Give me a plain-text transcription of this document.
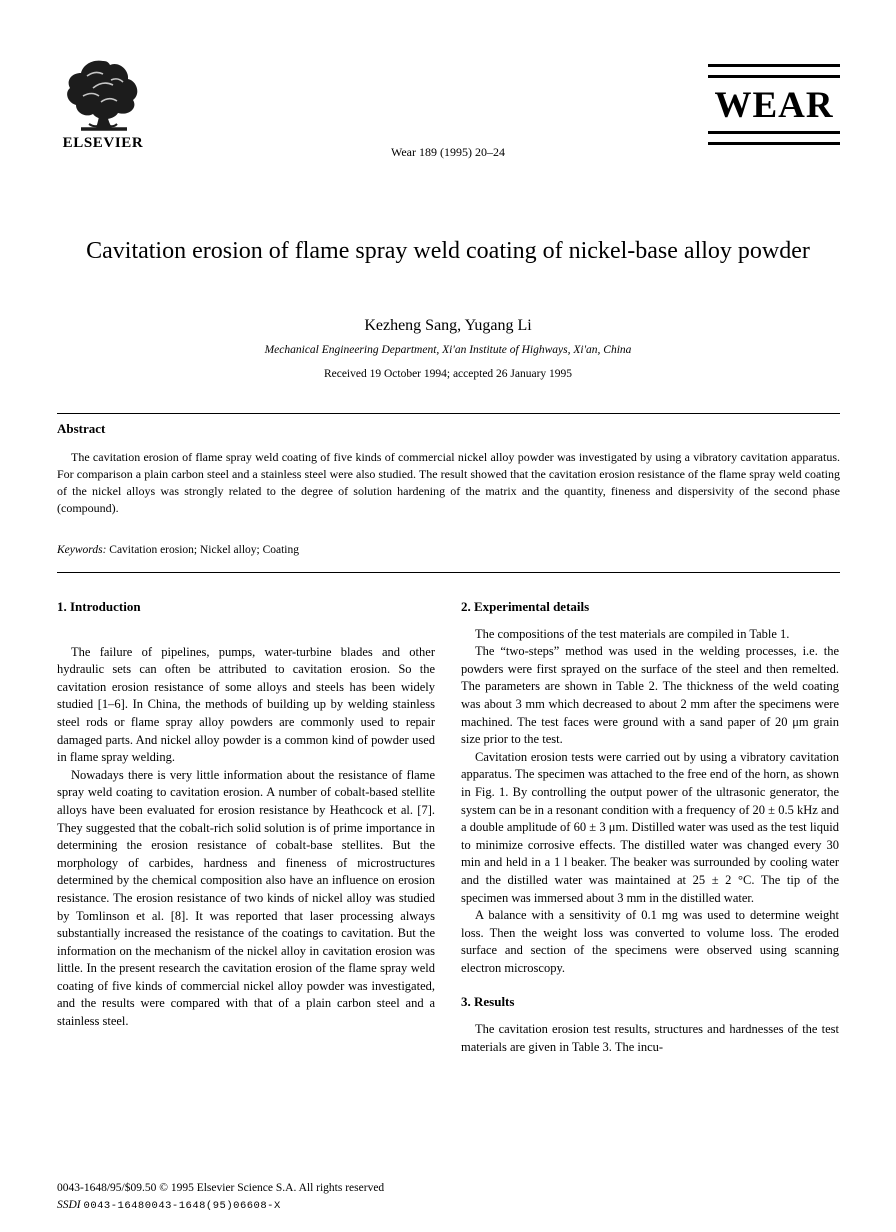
ELSEVIER
Wear 189 (1995) 20–24
WEAR
Cavitation erosion of flame spray weld coating of nickel-base alloy powder
Kezheng Sang, Yugang Li
Mechanical Engineering Department, Xi'an Institute of Highways, Xi'an, China
Received 19 October 1994; accepted 26 January 1995
Abstract

The cavitation erosion of flame spray weld coating of five kinds of commercial nickel alloy powder was investigated by using a vibratory cavitation apparatus. For comparison a plain carbon steel and a stainless steel were also studied. The result showed that the cavitation erosion resistance of the flame spray weld coating of the nickel alloys was strongly related to the degree of solution hardening of the matrix and the quantity, fineness and dispersivity of the second phase (compound).

Keywords: Cavitation erosion; Nickel alloy; Coating
1. Introduction

The failure of pipelines, pumps, water-turbine blades and other hydraulic sets can often be attributed to cavitation erosion. So the cavitation erosion resistance of some alloys and steels has been widely studied [1–6]. In China, the methods of building up by welding stainless steel rods or flame spray alloy powders are commonly used to repair damaged parts. And nickel alloy powder is a common kind of powder used in flame spray welding.

Nowadays there is very little information about the resistance of flame spray weld coating to cavitation erosion. A number of cobalt-based stellite alloys have been evaluated for erosion resistance by Heathcock et al. [7]. They suggested that the cobalt-rich solid solution is of prime importance in determining the erosion resistance of cobalt-base stellites. But the morphology of carbides, hardness and fineness of microstructures determined by the chemical composition also have an influence on erosion resistance. The erosion resistance of two kinds of nickel alloy was studied by Tomlinson et al. [8]. It was reported that laser processing always substantially increased the resistance of the coatings to cavitation. But the information on the mechanism of the nickel alloy in cavitation erosion was little. In the present research the cavitation erosion of the flame spray weld coating of five kinds of commercial nickel alloy powder was investigated, and the results were compared with that of a plain carbon steel and a stainless steel.

2. Experimental details

The compositions of the test materials are compiled in Table 1.

The “two-steps” method was used in the welding processes, i.e. the powders were first sprayed on the surface of the steel and then remelted. The parameters are shown in Table 2. The thickness of the weld coating was about 3 mm which decreased to about 2 mm after the specimens were machined. The test faces were ground with a sand paper of 20 μm grain size prior to the test.

Cavitation erosion tests were carried out by using a vibratory cavitation apparatus. The specimen was attached to the free end of the horn, as shown in Fig. 1. By controlling the output power of the ultrasonic generator, the system can be in a resonant condition with a frequency of 20 ± 0.5 kHz and a double amplitude of 60 ± 3 μm. Distilled water was used as the test liquid to minimize corrosive effects. The distilled water was changed every 30 min and held in a 1 l beaker. The beaker was surrounded by cooling water and the distilled water was maintained at 25 ± 2 °C. The tip of the specimen was immersed about 3 mm in the distilled water.

A balance with a sensitivity of 0.1 mg was used to determine weight loss. Then the weight loss was converted to volume loss. The eroded surface and section of the specimens were observed using scanning electron microscopy.

3. Results

The cavitation erosion test results, structures and hardnesses of the test materials are given in Table 3. The incu-

0043-1648/95/$09.50 © 1995 Elsevier Science S.A. All rights reserved
SSDI 0043-16480043-1648(95)06608-X
